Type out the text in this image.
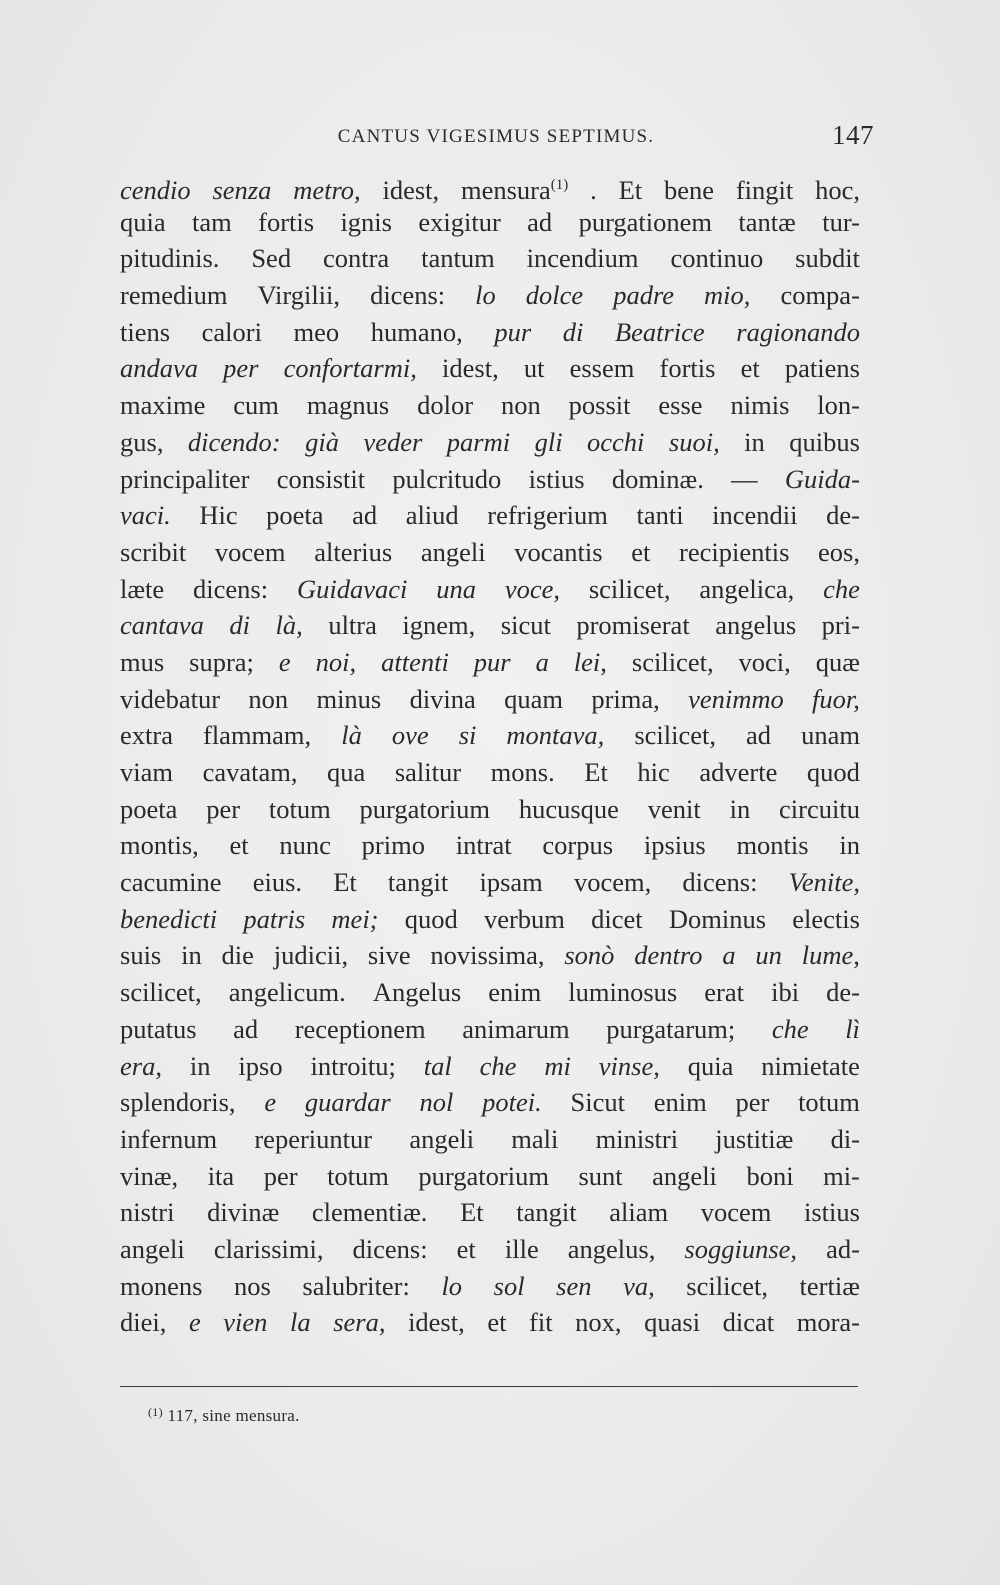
CANTUS VIGESIMUS SEPTIMUS.	147
cendio senza metro, idest, mensura$^{(1)}$ . Et bene fingit hoc,
quia tam fortis ignis exigitur ad purgationem tantæ tur-
pitudinis. Sed contra tantum incendium continuo subdit
remedium Virgilii, dicens: lo dolce padre mio, compa-
tiens calori meo humano, pur di Beatrice ragionando
andava per confortarmi, idest, ut essem fortis et patiens
maxime cum magnus dolor non possit esse nimis lon-
gus, dicendo: già veder parmi gli occhi suoi, in quibus
principaliter consistit pulcritudo istius dominæ. — Guida-
vaci. Hic poeta ad aliud refrigerium tanti incendii de-
scribit vocem alterius angeli vocantis et recipientis eos,
læte dicens: Guidavaci una voce, scilicet, angelica, che
cantava di là, ultra ignem, sicut promiserat angelus pri-
mus supra; e noi, attenti pur a lei, scilicet, voci, quæ
videbatur non minus divina quam prima, venimmo fuor,
extra flammam, là ove si montava, scilicet, ad unam
viam cavatam, qua salitur mons. Et hic adverte quod
poeta per totum purgatorium hucusque venit in circuitu
montis, et nunc primo intrat corpus ipsius montis in
cacumine eius. Et tangit ipsam vocem, dicens: Venite,
benedicti patris mei; quod verbum dicet Dominus electis
suis in die judicii, sive novissima, sonò dentro a un lume,
scilicet, angelicum. Angelus enim luminosus erat ibi de-
putatus ad receptionem animarum purgatarum; che lì
era, in ipso introitu; tal che mi vinse, quia nimietate
splendoris, e guardar nol potei. Sicut enim per totum
infernum reperiuntur angeli mali ministri justitiæ di-
vinæ, ita per totum purgatorium sunt angeli boni mi-
nistri divinæ clementiæ. Et tangit aliam vocem istius
angeli clarissimi, dicens: et ille angelus, soggiunse, ad-
monens nos salubriter: lo sol sen va, scilicet, tertiæ
diei, e vien la sera, idest, et fit nox, quasi dicat mora-
$^{(1)}$ 117, sine mensura.
